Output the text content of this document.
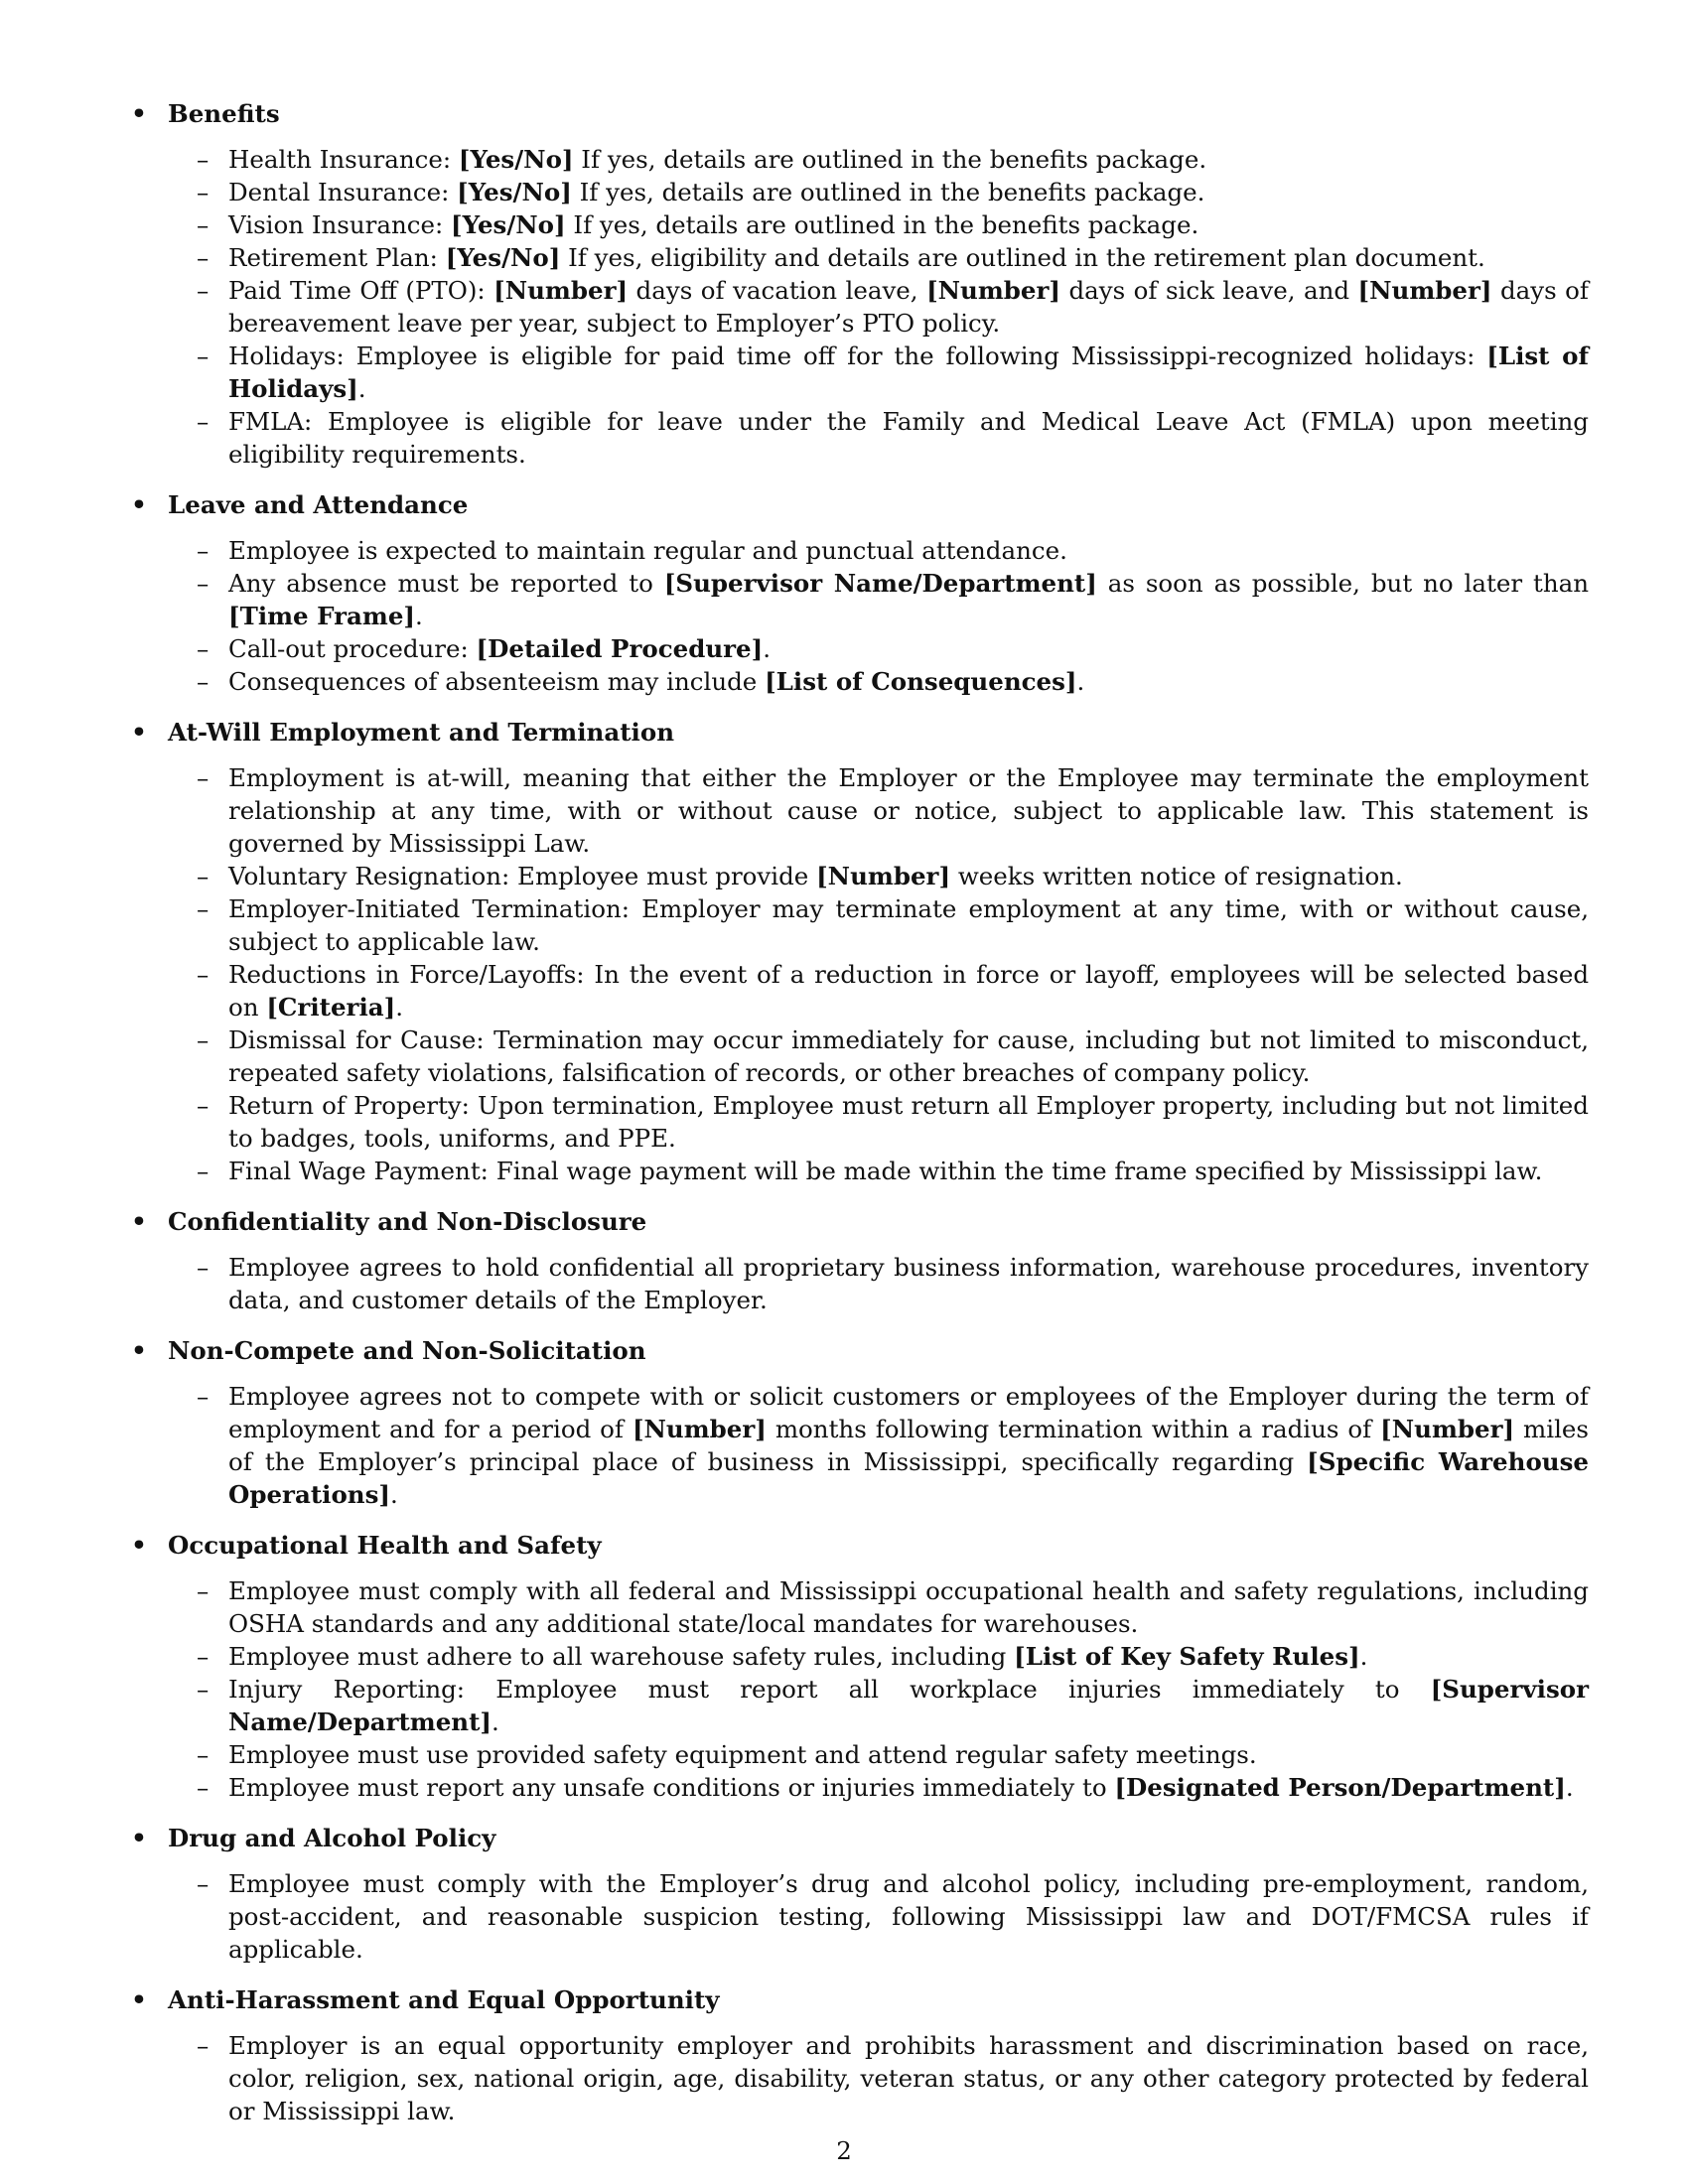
• Benefits
– Health Insurance: [Yes/No] If yes, details are outlined in the benefits package.
– Dental Insurance: [Yes/No] If yes, details are outlined in the benefits package.
– Vision Insurance: [Yes/No] If yes, details are outlined in the benefits package.
– Retirement Plan: [Yes/No] If yes, eligibility and details are outlined in the retirement plan document.
– Paid Time Off (PTO): [Number] days of vacation leave, [Number] days of sick leave, and [Number] days of bereavement leave per year, subject to Employer’s PTO policy.
– Holidays: Employee is eligible for paid time off for the following Mississippi-recognized holidays: [List of Holidays].
– FMLA: Employee is eligible for leave under the Family and Medical Leave Act (FMLA) upon meeting eligibility requirements.
• Leave and Attendance
– Employee is expected to maintain regular and punctual attendance.
– Any absence must be reported to [Supervisor Name/Department] as soon as possible, but no later than [Time Frame].
– Call-out procedure: [Detailed Procedure].
– Consequences of absenteeism may include [List of Consequences].
• At-Will Employment and Termination
– Employment is at-will, meaning that either the Employer or the Employee may terminate the employment relationship at any time, with or without cause or notice, subject to applicable law. This statement is governed by Mississippi Law.
– Voluntary Resignation: Employee must provide [Number] weeks written notice of resignation.
– Employer-Initiated Termination: Employer may terminate employment at any time, with or without cause, subject to applicable law.
– Reductions in Force/Layoffs: In the event of a reduction in force or layoff, employees will be selected based on [Criteria].
– Dismissal for Cause: Termination may occur immediately for cause, including but not limited to misconduct, repeated safety violations, falsification of records, or other breaches of company policy.
– Return of Property: Upon termination, Employee must return all Employer property, including but not limited to badges, tools, uniforms, and PPE.
– Final Wage Payment: Final wage payment will be made within the time frame specified by Mississippi law.
• Confidentiality and Non-Disclosure
– Employee agrees to hold confidential all proprietary business information, warehouse procedures, inventory data, and customer details of the Employer.
• Non-Compete and Non-Solicitation
– Employee agrees not to compete with or solicit customers or employees of the Employer during the term of employment and for a period of [Number] months following termination within a radius of [Number] miles of the Employer’s principal place of business in Mississippi, specifically regarding [Specific Warehouse Operations].
• Occupational Health and Safety
– Employee must comply with all federal and Mississippi occupational health and safety regulations, including OSHA standards and any additional state/local mandates for warehouses.
– Employee must adhere to all warehouse safety rules, including [List of Key Safety Rules].
– Injury Reporting: Employee must report all workplace injuries immediately to [Supervisor Name/Department].
– Employee must use provided safety equipment and attend regular safety meetings.
– Employee must report any unsafe conditions or injuries immediately to [Designated Person/Department].
• Drug and Alcohol Policy
– Employee must comply with the Employer’s drug and alcohol policy, including pre-employment, random, post-accident, and reasonable suspicion testing, following Mississippi law and DOT/FMCSA rules if applicable.
• Anti-Harassment and Equal Opportunity
– Employer is an equal opportunity employer and prohibits harassment and discrimination based on race, color, religion, sex, national origin, age, disability, veteran status, or any other category protected by federal or Mississippi law.
2
